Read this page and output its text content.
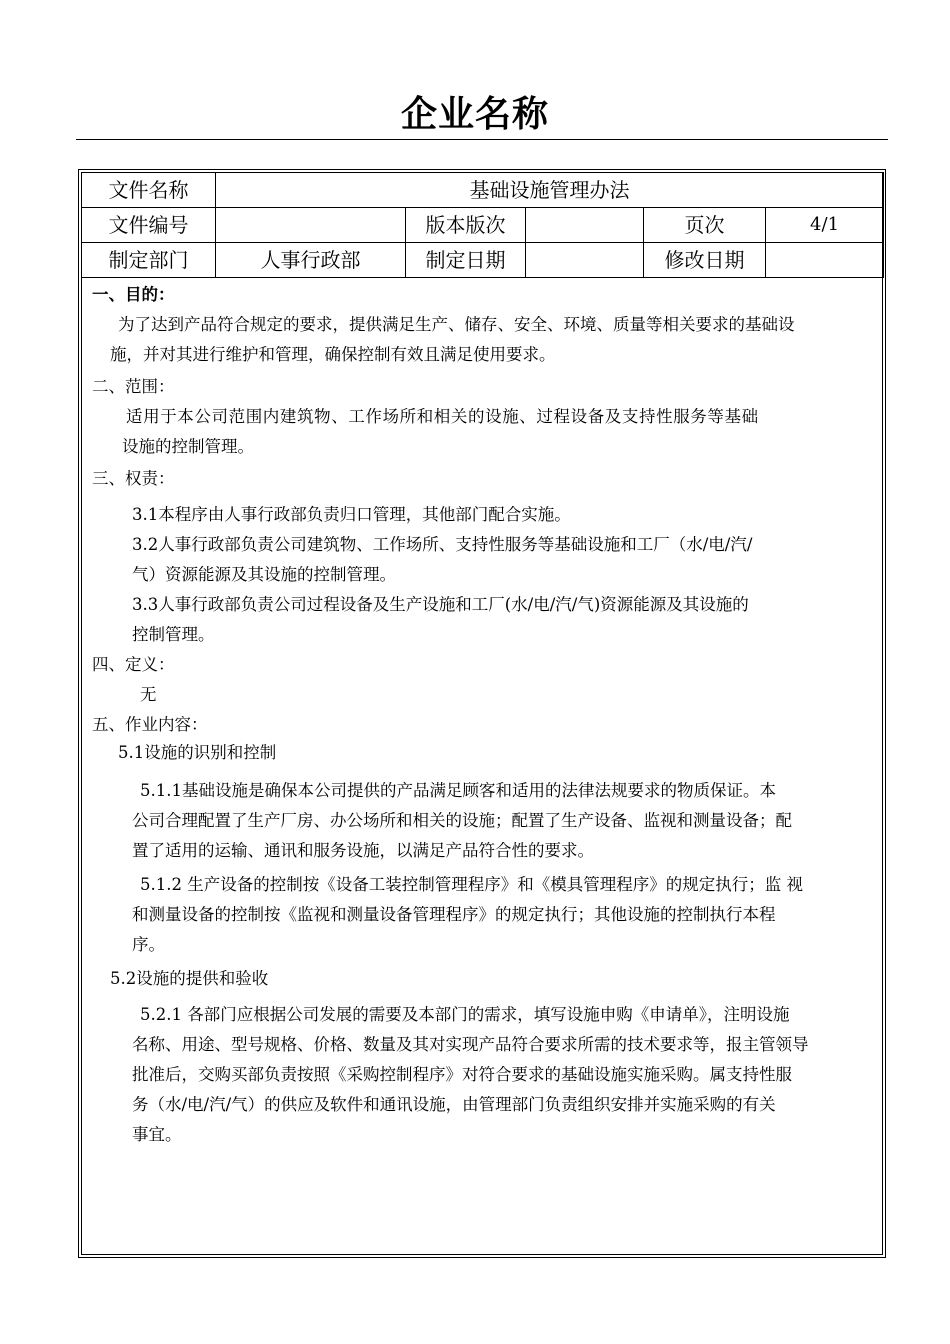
企业名称
文件名称	基础设施管理办法				
文件编号		版本版次		页次	4/1
制定部门	人事行政部	制定日期		修改日期	

一、目的：

为了达到产品符合规定的要求，提供满足生产、储存、安全、环境、质量等相关要求的基础设

施，并对其进行维护和管理，确保控制有效且满足使用要求。

二、范围：

适用于本公司范围内建筑物、工作场所和相关的设施、过程设备及支持性服务等基础

设施的控制管理。

三、权责：

3.1本程序由人事行政部负责归口管理，其他部门配合实施。

3.2人事行政部负责公司建筑物、工作场所、支持性服务等基础设施和工厂（水/电/汽/

气）资源能源及其设施的控制管理。

3.3人事行政部负责公司过程设备及生产设施和工厂(水/电/汽/气)资源能源及其设施的

控制管理。

四、定义：

无

五、作业内容：

5.1设施的识别和控制

5.1.1基础设施是确保本公司提供的产品满足顾客和适用的法律法规要求的物质保证。本

公司合理配置了生产厂房、办公场所和相关的设施；配置了生产设备、监视和测量设备；配

置了适用的运输、通讯和服务设施，以满足产品符合性的要求。

5.1.2 生产设备的控制按《设备工装控制管理程序》和《模具管理程序》的规定执行；监 视

和测量设备的控制按《监视和测量设备管理程序》的规定执行；其他设施的控制执行本程

序。

5.2设施的提供和验收

5.2.1 各部门应根据公司发展的需要及本部门的需求，填写设施申购《申请单》，注明设施

名称、用途、型号规格、价格、数量及其对实现产品符合要求所需的技术要求等，报主管领导

批准后，交购买部负责按照《采购控制程序》对符合要求的基础设施实施采购。属支持性服

务（水/电/汽/气）的供应及软件和通讯设施，由管理部门负责组织安排并实施采购的有关

事宜。
